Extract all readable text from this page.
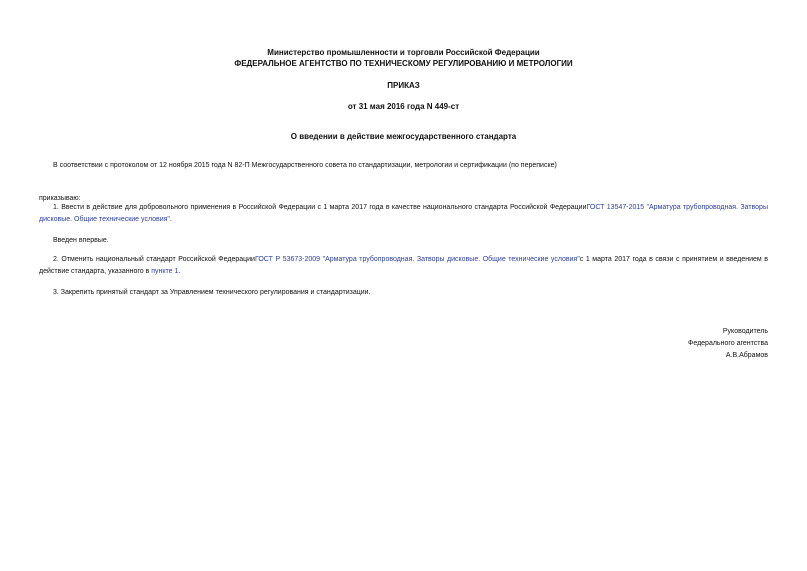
Министерство промышленности и торговли Российской Федерации
ФЕДЕРАЛЬНОЕ АГЕНТСТВО ПО ТЕХНИЧЕСКОМУ РЕГУЛИРОВАНИЮ И МЕТРОЛОГИИ
ПРИКАЗ
от 31 мая 2016 года N 449-ст
О введении в действие межгосударственного стандарта
В соответствии с протоколом от 12 ноября 2015 года N 82-П Межгосударственного совета по стандартизации, метрологии и сертификации (по переписке)
приказываю:
1. Ввести в действие для добровольного применения в Российской Федерации с 1 марта 2017 года в качестве национального стандарта Российской ФедерацииГОСТ 13547-2015 "Арматура трубопроводная. Затворы дисковые. Общие технические условия".
Введен впервые.
2. Отменить национальный стандарт Российской ФедерацииГОСТ Р 53673-2009 "Арматура трубопроводная. Затворы дисковые. Общие технические условия"с 1 марта 2017 года в связи с принятием и введением в действие стандарта, указанного в пункте 1.
3. Закрепить принятый стандарт за Управлением технического регулирования и стандартизации.
Руководитель
Федерального агентства
А.В.Абрамов
